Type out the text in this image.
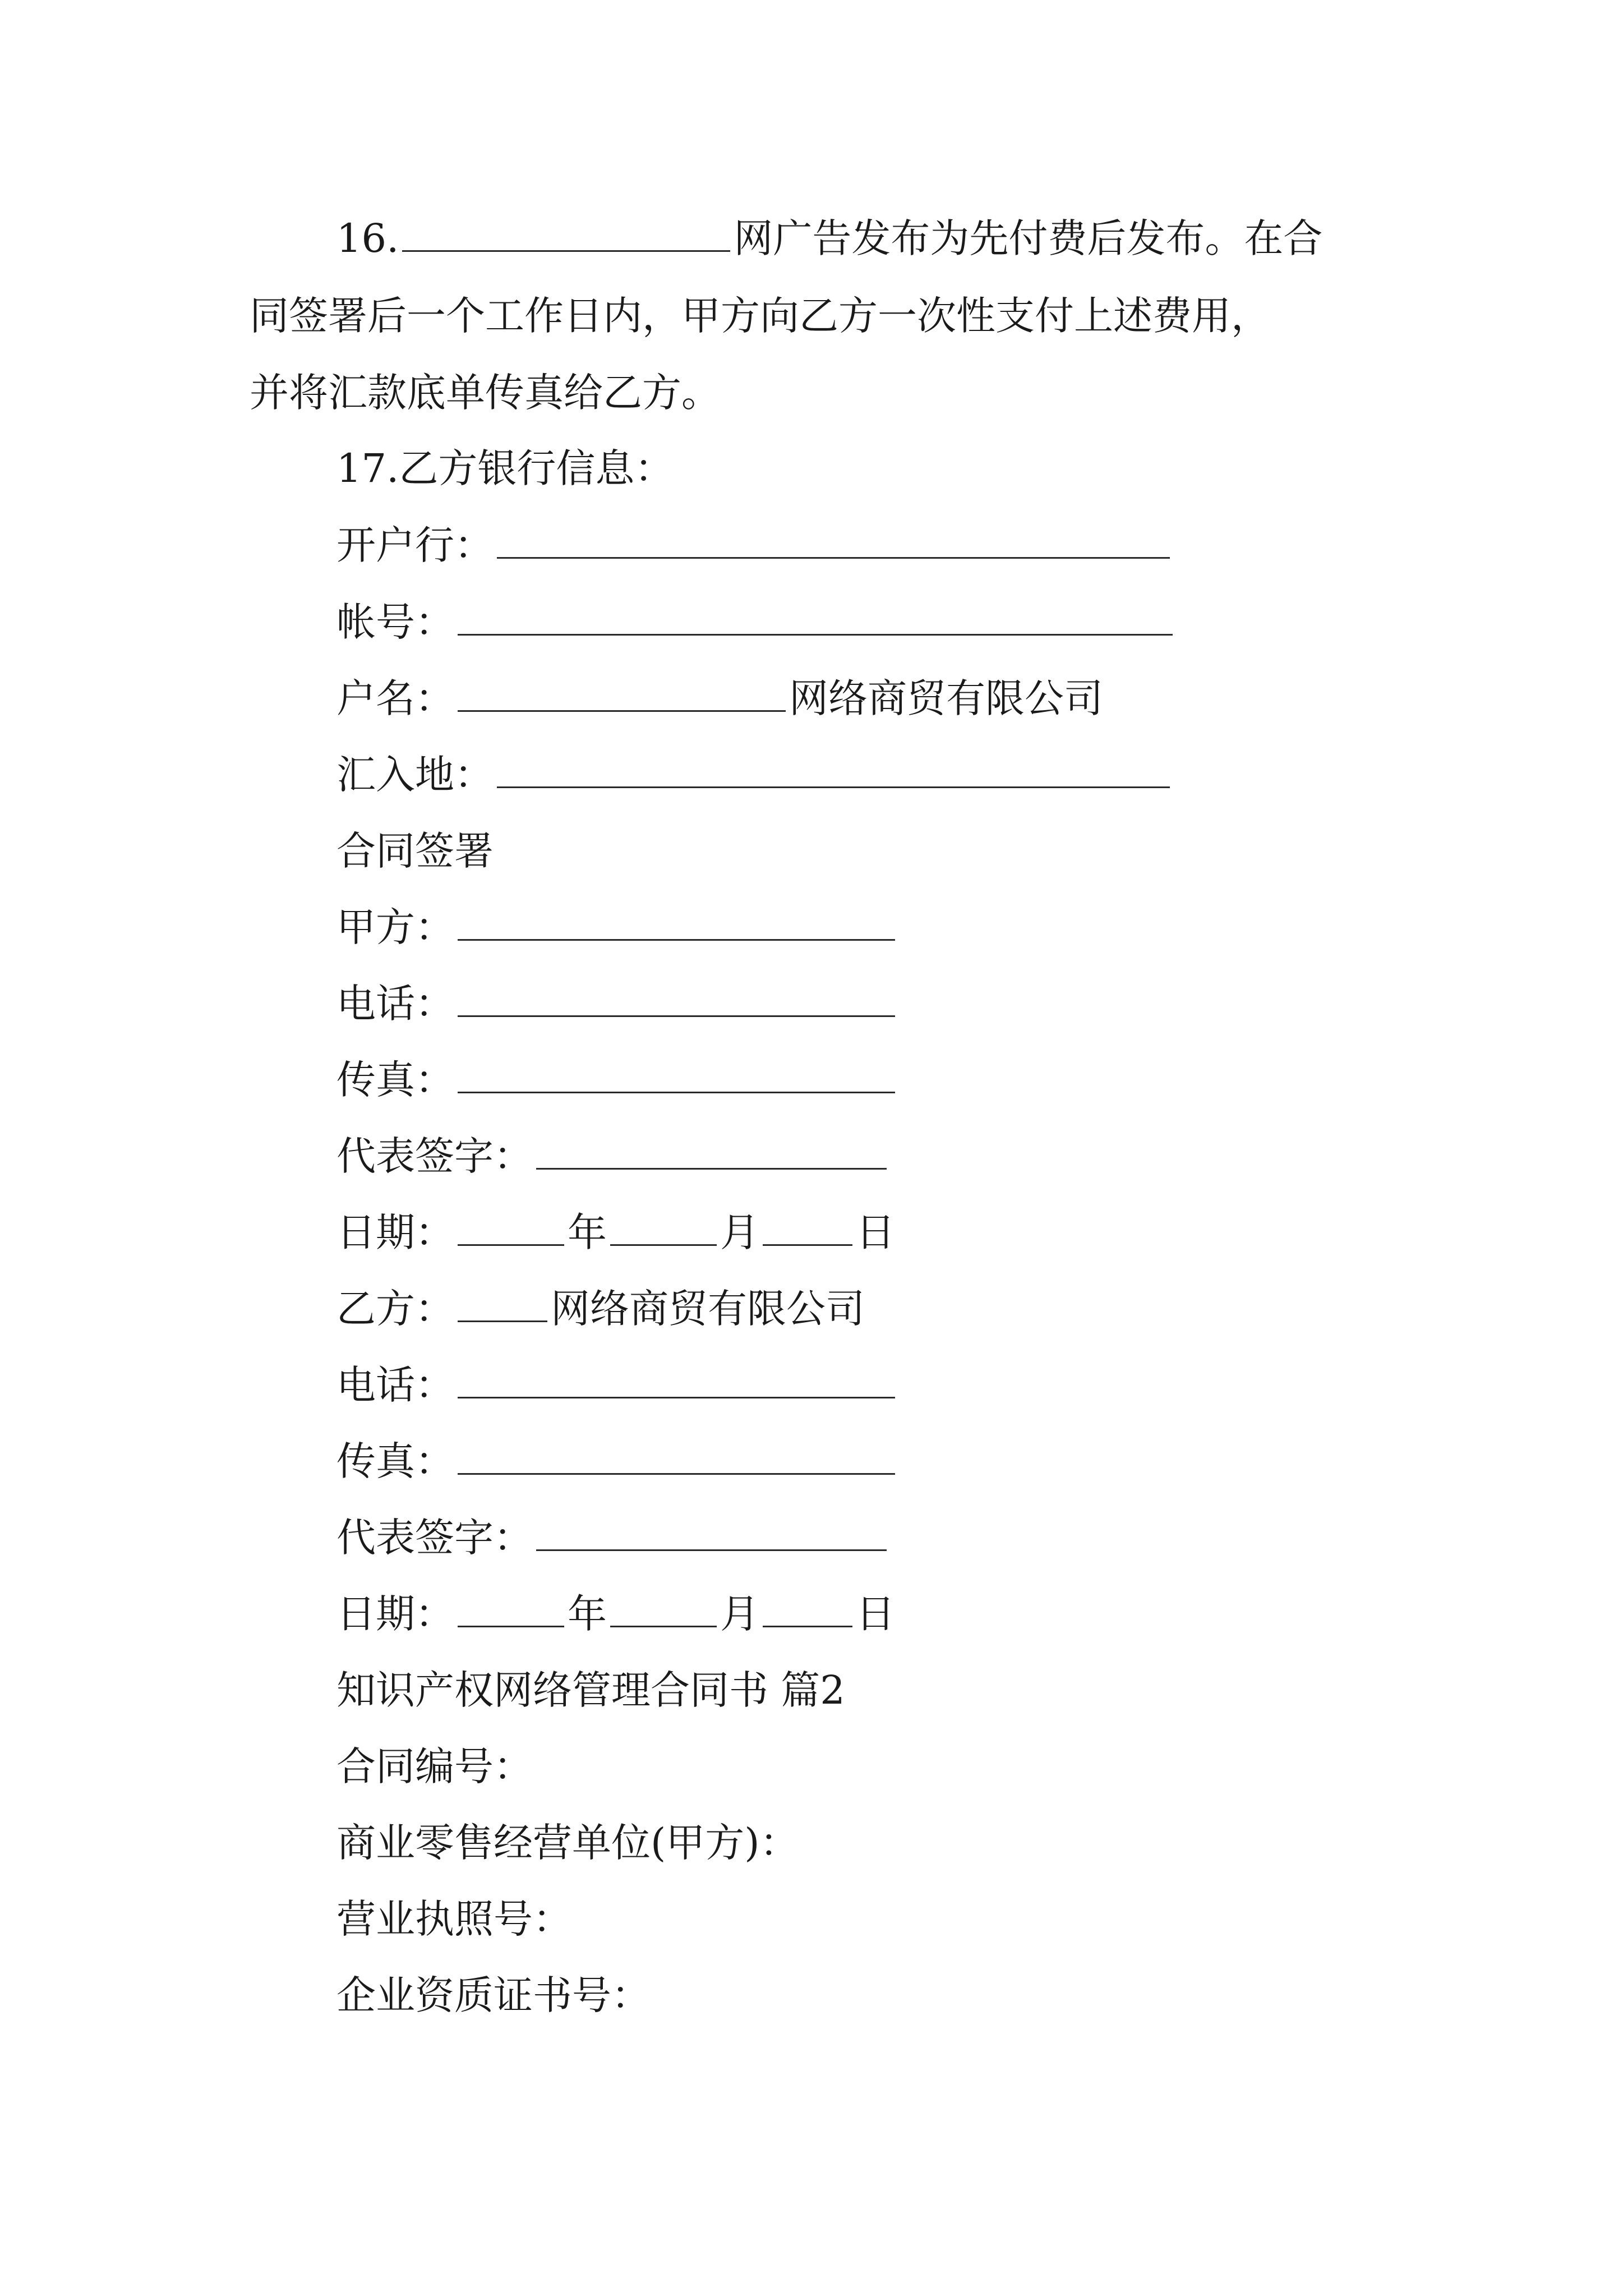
16.	网广告发布为先付费后发布。在合
同签署后一个工作日内，甲方向乙方一次性支付上述费用，
并将汇款底单传真给乙方。
17.乙方银行信息：
开户行：
帐号：
户名：	网络商贸有限公司
汇入地：
合同签署
甲方：
电话：
传真：
代表签字：
日期：	年	月 日
乙方： 网络商贸有限公司
电话：
传真：
代表签字：
日期：	年	月 日
知识产权网络管理合同书 篇2
合同编号：
商业零售经营单位(甲方)：
营业执照号：
企业资质证书号：
